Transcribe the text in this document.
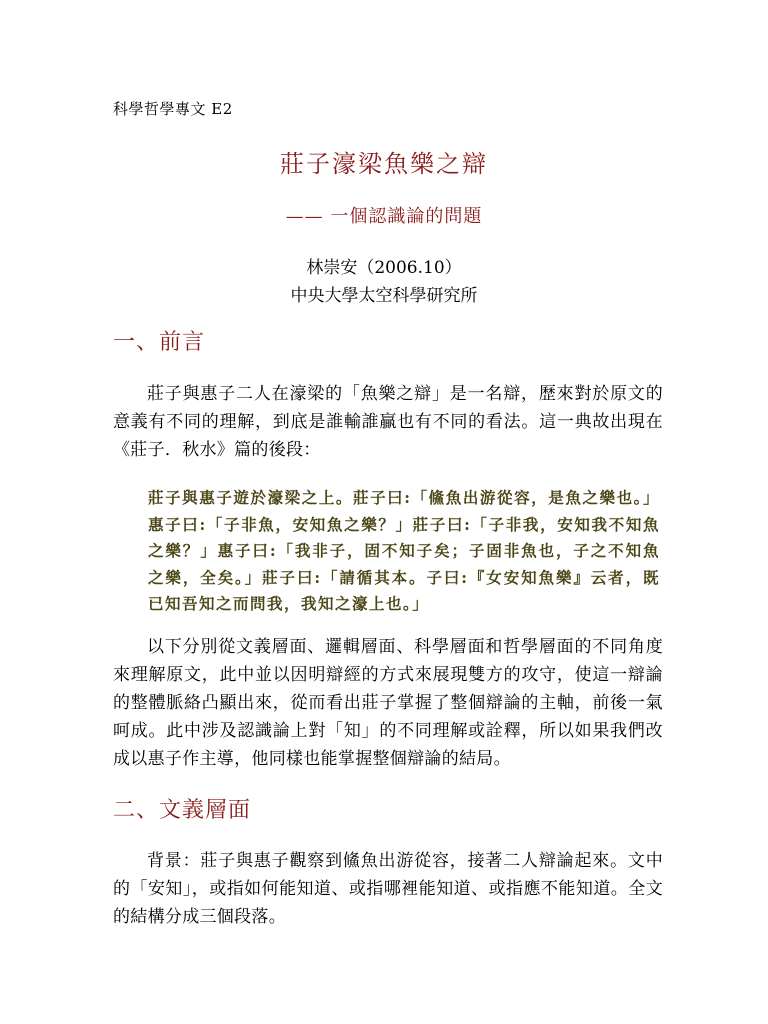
科學哲學專文 E2
莊子濠梁魚樂之辯
—— 一個認識論的問題
林崇安（2006.10）
中央大學太空科學研究所
一、前言
莊子與惠子二人在濠梁的「魚樂之辯」是一名辯，歷來對於原文的意義有不同的理解，到底是誰輸誰贏也有不同的看法。這一典故出現在《莊子．秋水》篇的後段：
莊子與惠子遊於濠梁之上。莊子曰:「鯈魚出游從容，是魚之樂也。」惠子曰:「子非魚，安知魚之樂？」莊子曰:「子非我，安知我不知魚之樂？」惠子曰:「我非子，固不知子矣；子固非魚也，子之不知魚之樂，全矣。」莊子曰:「請循其本。子曰:『女安知魚樂』云者，既已知吾知之而問我，我知之濠上也。」
以下分別從文義層面、邏輯層面、科學層面和哲學層面的不同角度來理解原文，此中並以因明辯經的方式來展現雙方的攻守，使這一辯論的整體脈絡凸顯出來，從而看出莊子掌握了整個辯論的主軸，前後一氣呵成。此中涉及認識論上對「知」的不同理解或詮釋，所以如果我們改成以惠子作主導，他同樣也能掌握整個辯論的結局。
二、文義層面
背景：莊子與惠子觀察到鯈魚出游從容，接著二人辯論起來。文中的「安知」，或指如何能知道、或指哪裡能知道、或指應不能知道。全文的結構分成三個段落。
